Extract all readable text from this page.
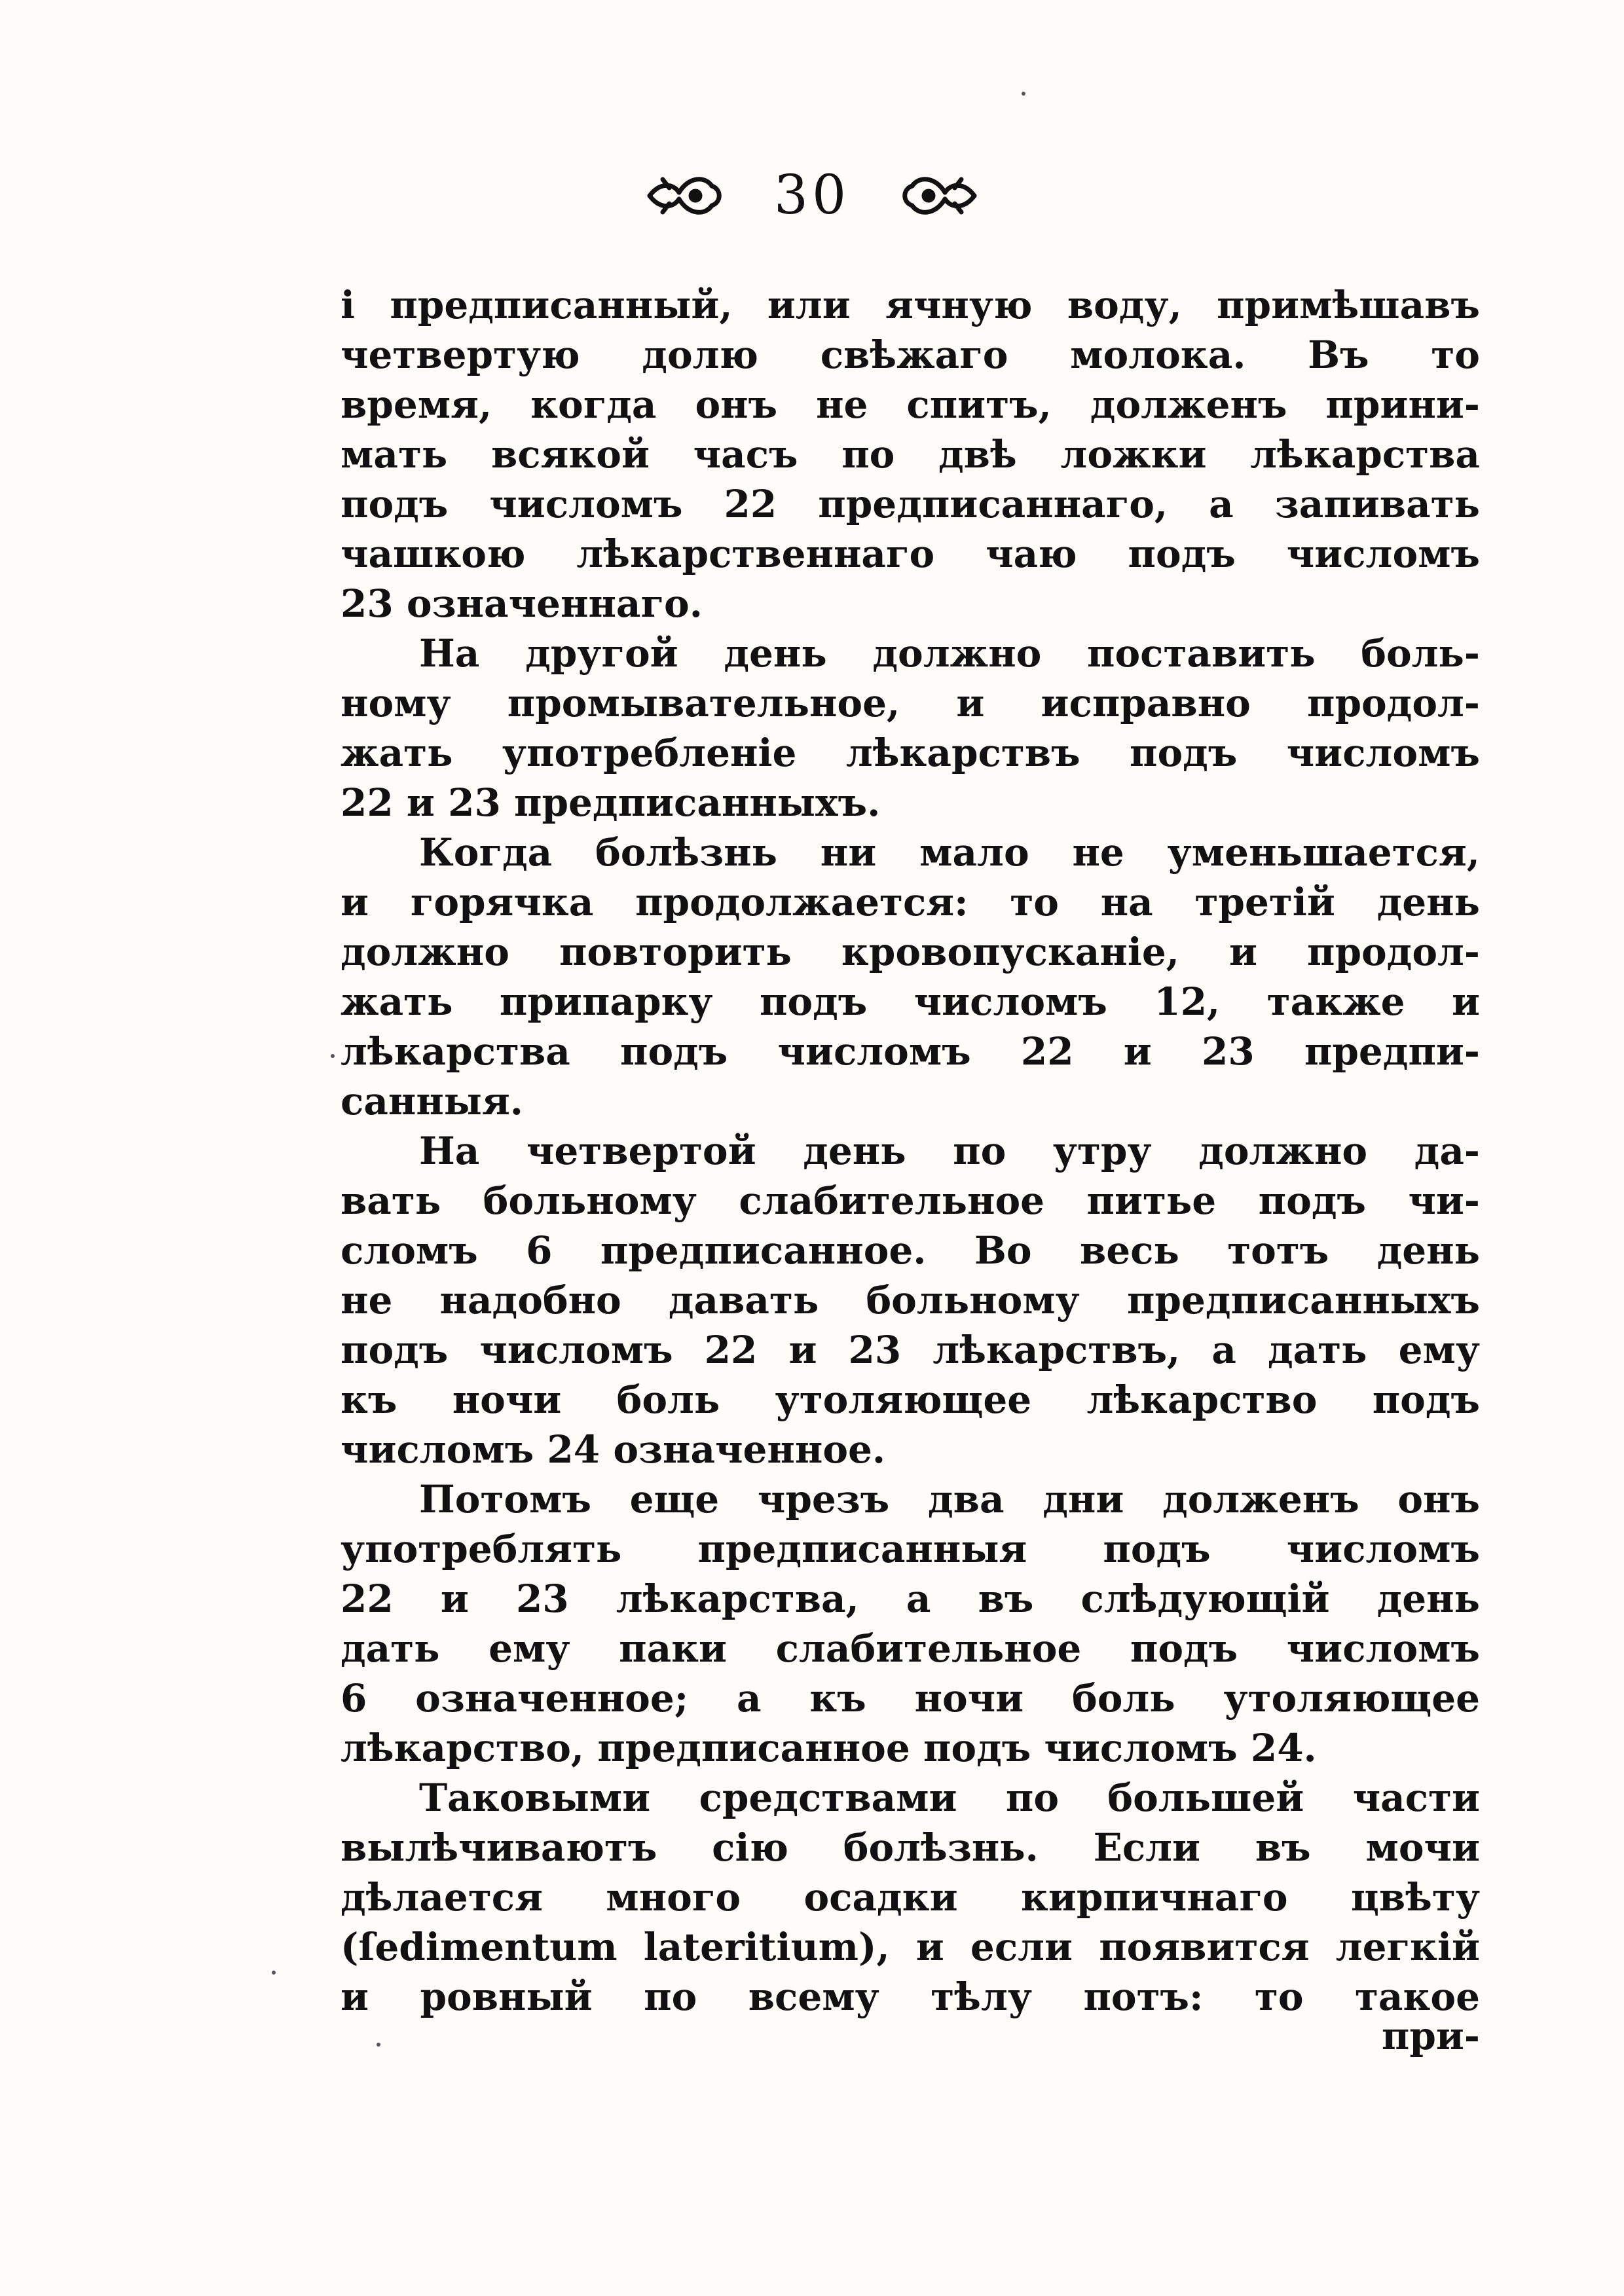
30
і предписанный, или ячную воду, примѣшавъ
четвертую долю свѣжаго молока. Въ то
время, когда онъ не спитъ, долженъ прини-
мать всякой часъ по двѣ ложки лѣкарства
подъ числомъ 22 предписаннаго, а запивать
чашкою лѣкарственнаго чаю подъ числомъ
23 означеннаго.
На другой день должно поставить боль-
ному промывательное, и исправно продол-
жать употребленіе лѣкарствъ подъ числомъ
22 и 23 предписанныхъ.
Когда болѣзнь ни мало не уменьшается,
и горячка продолжается: то на третій день
должно повторить кровопусканіе, и продол-
жать припарку подъ числомъ 12, также и
лѣкарства подъ числомъ 22 и 23 предпи-
санныя.
На четвертой день по утру должно да-
вать больному слабительное питье подъ чи-
сломъ 6 предписанное. Во весь тотъ день
не надобно давать больному предписанныхъ
подъ числомъ 22 и 23 лѣкарствъ, а дать ему
къ ночи боль утоляющее лѣкарство подъ
числомъ 24 означенное.
Потомъ еще чрезъ два дни долженъ онъ
употреблять предписанныя подъ числомъ
22 и 23 лѣкарства, а въ слѣдующій день
дать ему паки слабительное подъ числомъ
6 означенное; а къ ночи боль утоляющее
лѣкарство, предписанное подъ числомъ 24.
Таковыми средствами по большей части
вылѣчиваютъ сію болѣзнь. Если въ мочи
дѣлается много осадки кирпичнаго цвѣту
(ſedimentum lateritium), и если появится легкій
и ровный по всему тѣлу потъ: то такое
при-
